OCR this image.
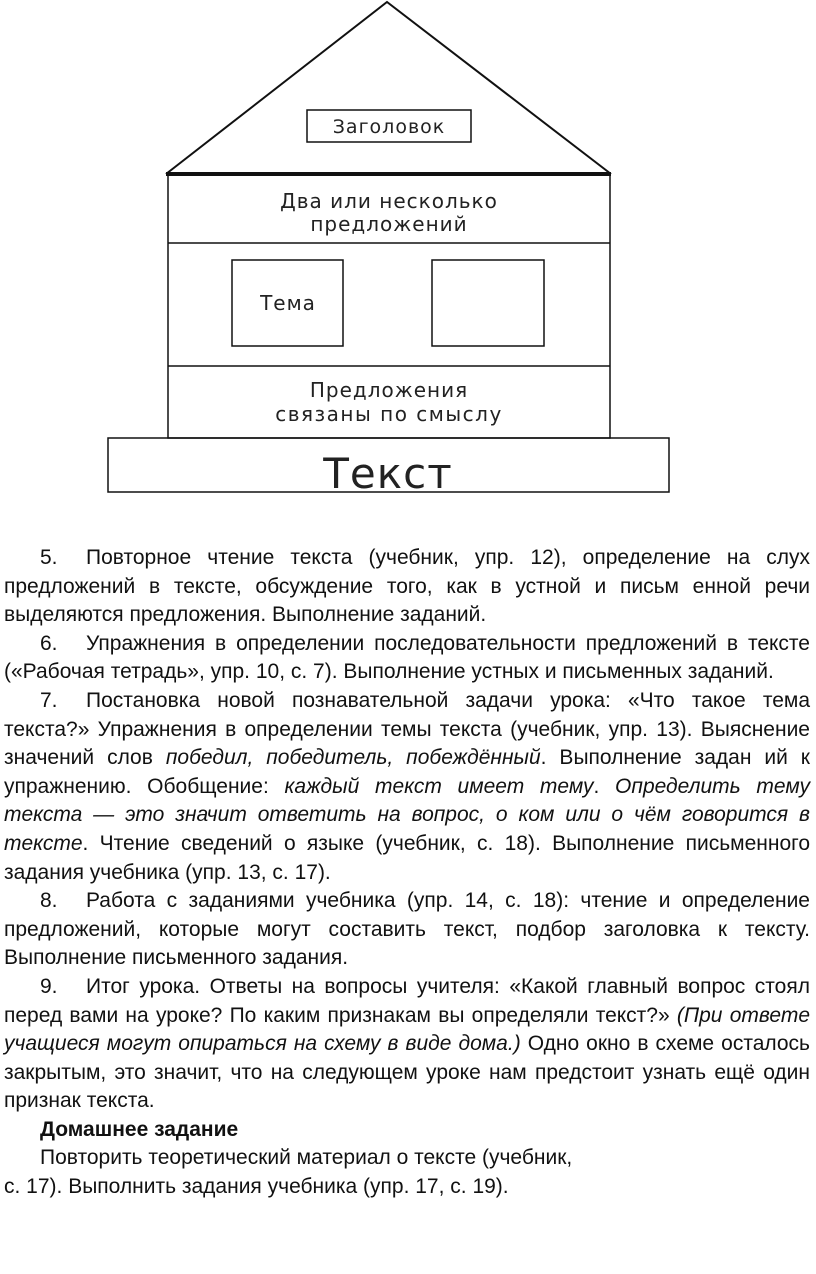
Заголовок
Два или несколько
предложений
Тема
Предложения
связаны по смыслу
Текст

5. Повторное чтение текста (учебник, упр. 12), определение на слух предложений в тексте, обсуждение того, как в устной и письм енной речи выделяются предложения. Выполнение заданий.

6. Упражнения в определении последовательности предложений в тексте («Рабочая тетрадь», упр. 10, с. 7). Выполнение устных и письменных заданий.

7. Постановка новой познавательной задачи урока: «Что такое тема текста?» Упражнения в определении темы текста (учебник, упр. 13). Выяснение значений слов победил, победитель, побеждённый. Выполнение задан ий к упражнению. Обобщение: каждый текст имеет тему. Определить тему текста — это значит ответить на вопрос, о ком или о чём говорится в тексте. Чтение сведений о языке (учебник, с. 18). Выполнение письменного задания учебника (упр. 13, с. 17).

8. Работа с заданиями учебника (упр. 14, с. 18): чтение и определение предложений, которые могут составить текст, подбор заголовка к тексту. Выполнение письменного задания.

9. Итог урока. Ответы на вопросы учителя: «Какой главный вопрос стоял перед вами на уроке? По каким признакам вы определяли текст?» (При ответе учащиеся могут опираться на схему в виде дома.) Одно окно в схеме осталось закрытым, это значит, что на следующем уроке нам предстоит узнать ещё один признак текста.

Домашнее задание

Повторить теоретический материал о тексте (учебник,

с. 17). Выполнить задания учебника (упр. 17, с. 19).
